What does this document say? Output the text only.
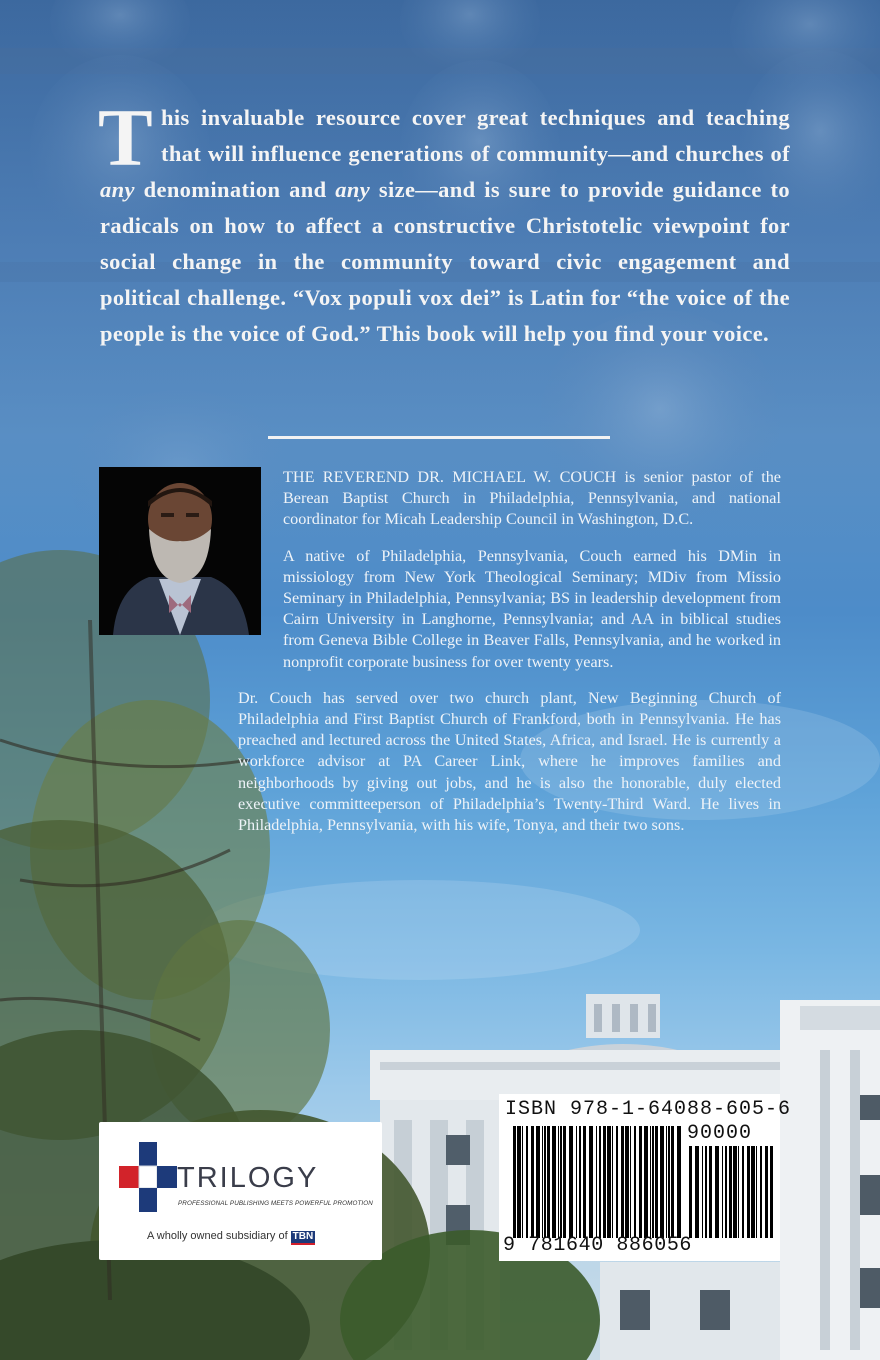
This invaluable resource cover great techniques and teaching that will influence generations of community—and churches of any denomination and any size—and is sure to provide guidance to radicals on how to affect a constructive Christotelic viewpoint for social change in the community toward civic engagement and political challenge. “Vox populi vox dei” is Latin for “the voice of the people is the voice of God.” This book will help you find your voice.

THE REVEREND DR. MICHAEL W. COUCH is senior pastor of the Berean Baptist Church in Philadelphia, Pennsylvania, and national coordinator for Micah Leadership Council in Washington, D.C.

A native of Philadelphia, Pennsylvania, Couch earned his DMin in missiology from New York Theological Seminary; MDiv from Missio Seminary in Philadelphia, Pennsylvania; BS in leadership development from Cairn University in Langhorne, Pennsylvania; and AA in biblical studies from Geneva Bible College in Beaver Falls, Pennsylvania, and he worked in nonprofit corporate business for over twenty years.

Dr. Couch has served over two church plant, New Beginning Church of Philadelphia and First Baptist Church of Frankford, both in Pennsylvania. He has preached and lectured across the United States, Africa, and Israel. He is currently a workforce advisor at PA Career Link, where he improves families and neighborhoods by giving out jobs, and he is also the honorable, duly elected executive committeeperson of Philadelphia’s Twenty-Third Ward. He lives in Philadelphia, Pennsylvania, with his wife, Tonya, and their two sons.

TRILOGY
PROFESSIONAL PUBLISHING MEETS POWERFUL PROMOTION
A wholly owned subsidiary of TBN
ISBN 978-1-64088-605-6
90000
9 781640 886056
